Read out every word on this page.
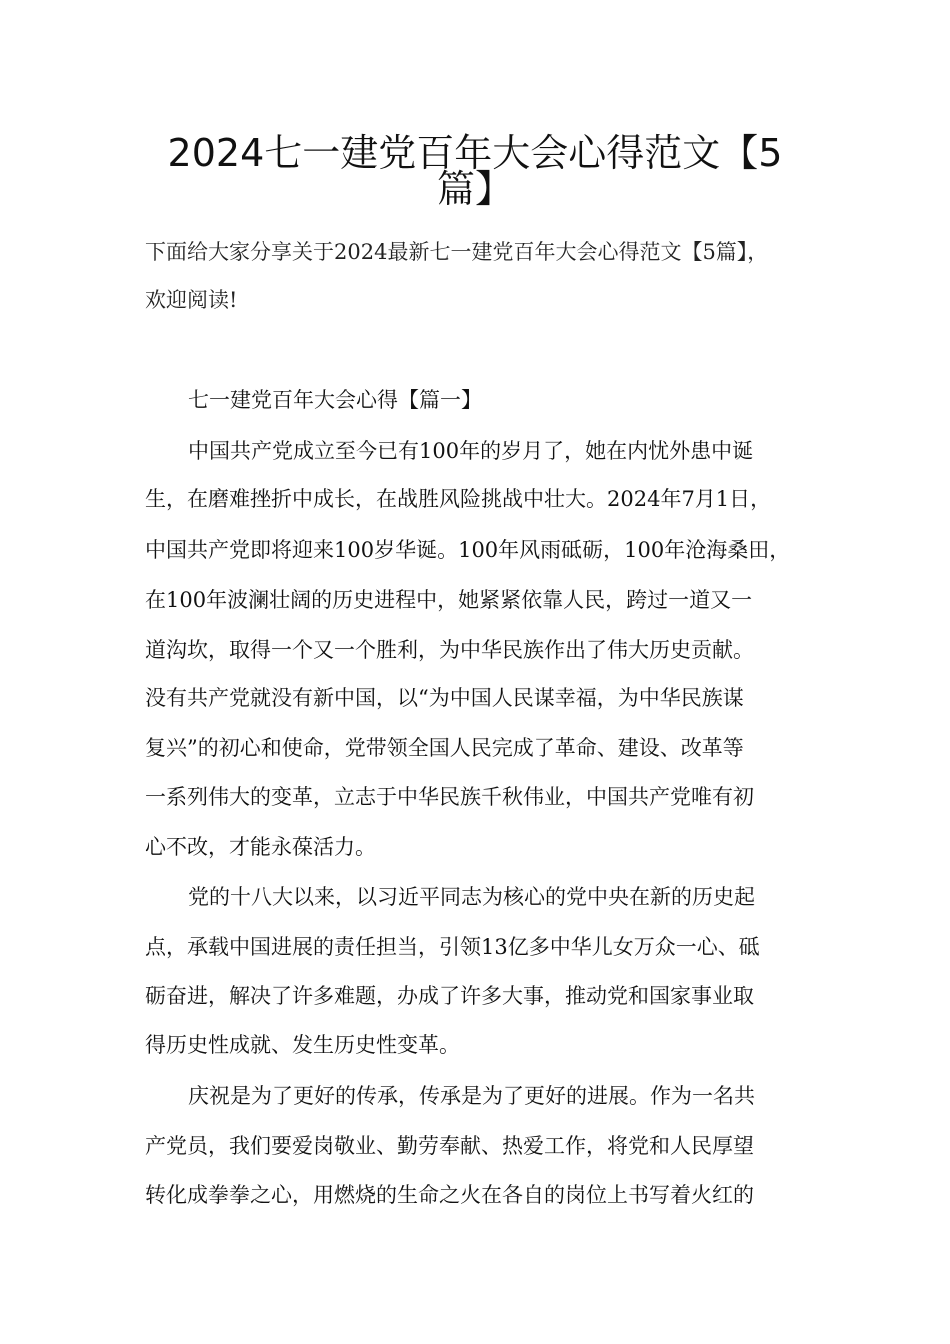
2024七一建党百年大会心得范文【5
篇】
下面给大家分享关于2024最新七一建党百年大会心得范文【5篇】，
欢迎阅读!
七一建党百年大会心得【篇一】
中国共产党成立至今已有100年的岁月了，她在内忧外患中诞
生，在磨难挫折中成长，在战胜风险挑战中壮大。2024年7月1日，
中国共产党即将迎来100岁华诞。100年风雨砥砺，100年沧海桑田，
在100年波澜壮阔的历史进程中，她紧紧依靠人民，跨过一道又一
道沟坎，取得一个又一个胜利，为中华民族作出了伟大历史贡献。
没有共产党就没有新中国，以“为中国人民谋幸福，为中华民族谋
复兴”的初心和使命，党带领全国人民完成了革命、建设、改革等
一系列伟大的变革，立志于中华民族千秋伟业，中国共产党唯有初
心不改，才能永葆活力。
党的十八大以来，以习近平同志为核心的党中央在新的历史起
点，承载中国进展的责任担当，引领13亿多中华儿女万众一心、砥
砺奋进，解决了许多难题，办成了许多大事，推动党和国家事业取
得历史性成就、发生历史性变革。
庆祝是为了更好的传承，传承是为了更好的进展。作为一名共
产党员，我们要爱岗敬业、勤劳奉献、热爱工作，将党和人民厚望
转化成拳拳之心，用燃烧的生命之火在各自的岗位上书写着火红的
